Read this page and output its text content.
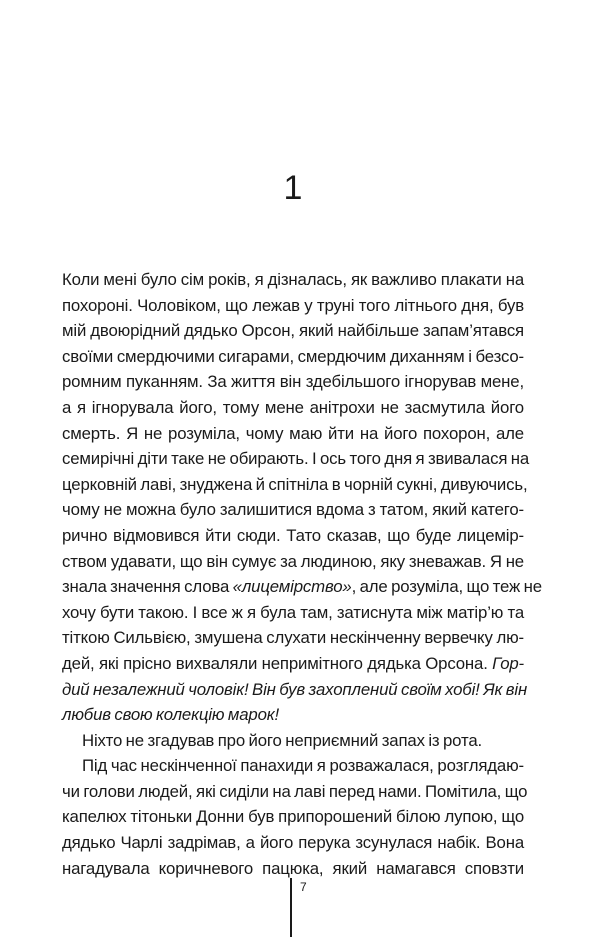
1
Коли мені було сім років, я дізналась, як важливо плакати на
похороні. Чоловіком, що лежав у труні того літнього дня, був
мій двоюрідний дядько Орсон, який найбільше запам’ятався
своїми смердючими сигарами, смердючим диханням і безсо-
ромним пуканням. За життя він здебільшого ігнорував мене,
а я ігнорувала його, тому мене анітрохи не засмутила його
смерть. Я не розуміла, чому маю йти на його похорон, але
семирічні діти таке не обирають. І ось того дня я звивалася на
церковній лаві, знуджена й спітніла в чорній сукні, дивуючись,
чому не можна було залишитися вдома з татом, який катего-
рично відмовився йти сюди. Тато сказав, що буде лицемір-
ством удавати, що він сумує за людиною, яку зневажав. Я не
знала значення слова «лицемірство», але розуміла, що теж не
хочу бути такою. І все ж я була там, затиснута між матір’ю та
тіткою Сильвією, змушена слухати нескінченну вервечку лю-
дей, які прісно вихваляли непримітного дядька Орсона. Гор-
дий незалежний чоловік! Він був захоплений своїм хобі! Як він
любив свою колекцію марок!
Ніхто не згадував про його неприємний запах із рота.
Під час нескінченної панахиди я розважалася, розглядаю-
чи голови людей, які сиділи на лаві перед нами. Помітила, що
капелюх тітоньки Донни був припорошений білою лупою, що
дядько Чарлі задрімав, а його перука зсунулася набік. Вона
нагадувала коричневого пацюка, який намагався сповзти
7
